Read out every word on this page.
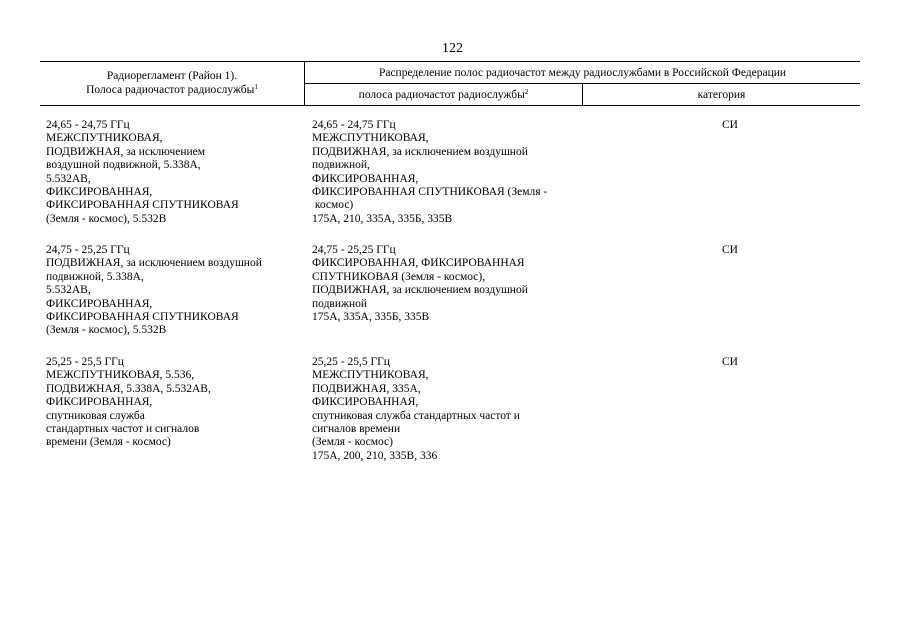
122
Радиорегламент (Район 1).
Полоса радиочастот радиослужбы$^1$
Распределение полос радиочастот между радиослужбами в Российской Федерации
полоса радиочастот радиослужбы$^2$	категория
24,65 - 24,75 ГГц
МЕЖСПУТНИКОВАЯ,
ПОДВИЖНАЯ, за исключением
воздушной подвижной, 5.338А,
5.532АВ,
ФИКСИРОВАННАЯ,
ФИКСИРОВАННАЯ СПУТНИКОВАЯ
(Земля - космос), 5.532В
24,65 - 24,75 ГГц
МЕЖСПУТНИКОВАЯ,
ПОДВИЖНАЯ, за исключением воздушной
подвижной,
ФИКСИРОВАННАЯ,
ФИКСИРОВАННАЯ СПУТНИКОВАЯ (Земля -
космос)
175А, 210, 335А, 335Б, 335В
СИ
24,75 - 25,25 ГГц
ПОДВИЖНАЯ, за исключением воздушной
подвижной, 5.338А,
5.532АВ,
ФИКСИРОВАННАЯ,
ФИКСИРОВАННАЯ СПУТНИКОВАЯ
(Земля - космос), 5.532В
24,75 - 25,25 ГГц
ФИКСИРОВАННАЯ, ФИКСИРОВАННАЯ
СПУТНИКОВАЯ (Земля - космос),
ПОДВИЖНАЯ, за исключением воздушной
подвижной
175А, 335А, 335Б, 335В
СИ
25,25 - 25,5 ГГц
МЕЖСПУТНИКОВАЯ, 5.536,
ПОДВИЖНАЯ, 5.338А, 5.532АВ,
ФИКСИРОВАННАЯ,
спутниковая служба
стандартных частот и сигналов
времени (Земля - космос)
25,25 - 25,5 ГГц
МЕЖСПУТНИКОВАЯ,
ПОДВИЖНАЯ, 335А,
ФИКСИРОВАННАЯ,
спутниковая служба стандартных частот и
сигналов времени
(Земля - космос)
175А, 200, 210, 335В, 336
СИ
